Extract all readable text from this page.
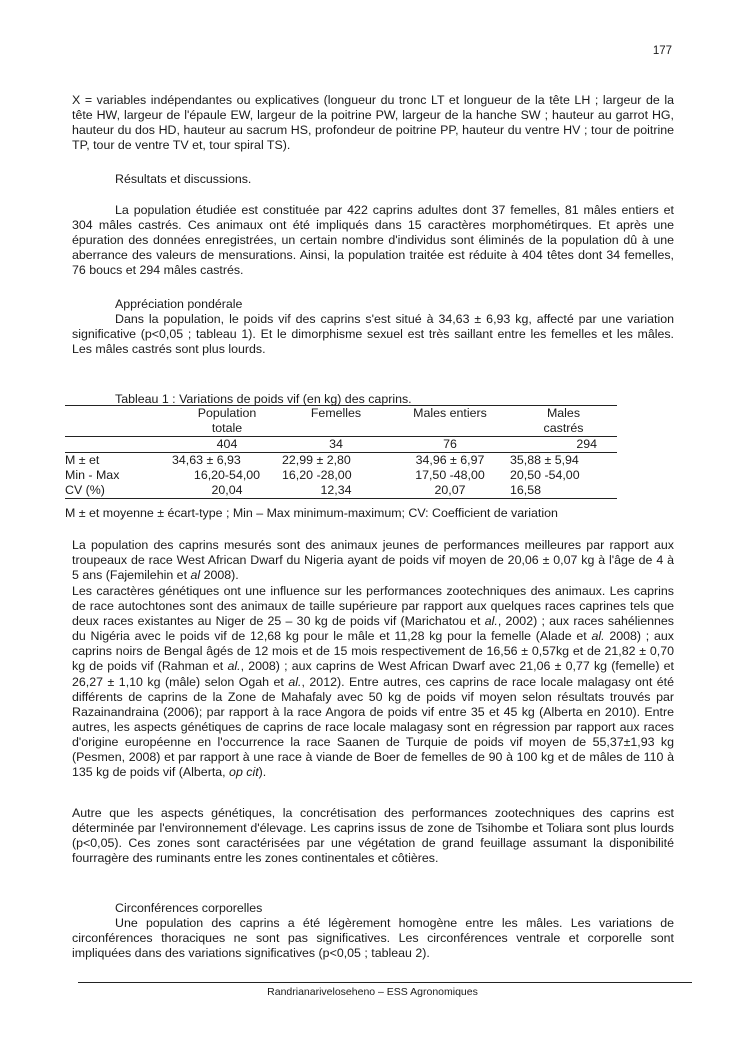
177

X = variables indépendantes ou explicatives (longueur du tronc LT et longueur de la tête LH ; largeur de la tête HW, largeur de l'épaule EW, largeur de la poitrine PW, largeur de la hanche SW ; hauteur au garrot HG, hauteur du dos HD, hauteur au sacrum HS, profondeur de poitrine PP, hauteur du ventre HV ; tour de poitrine TP, tour de ventre TV et, tour spiral TS).

Résultats et discussions.

La population étudiée est constituée par 422 caprins adultes dont 37 femelles, 81 mâles entiers et 304 mâles castrés. Ces animaux ont été impliqués dans 15 caractères morphométirques. Et après une épuration des données enregistrées, un certain nombre d'individus sont éliminés de la population dû à une aberrance des valeurs de mensurations. Ainsi, la population traitée est réduite à 404 têtes dont 34 femelles, 76 boucs et 294 mâles castrés.

Appréciation pondérale

Dans la population, le poids vif des caprins s'est situé à 34,63 ± 6,93 kg, affecté par une variation significative (p<0,05 ; tableau 1). Et le dimorphisme sexuel est très saillant entre les femelles et les mâles. Les mâles castrés sont plus lourds.

Tableau 1 : Variations de poids vif (en kg) des caprins.

	Population	Femelles	Males entiers	Males
	totale			castrés
	404	34	76	294
M ± et	34,63 ± 6,93	22,99 ± 2,80	34,96 ± 6,97	35,88 ± 5,94
Min - Max	16,20-54,00	16,20 -28,00	17,50 -48,00	20,50 -54,00
CV (%)	20,04	12,34	20,07	16,58

M ± et moyenne ± écart-type ; Min – Max minimum-maximum; CV: Coefficient de variation

La population des caprins mesurés sont des animaux jeunes de performances meilleures par rapport aux troupeaux de race West African Dwarf du Nigeria ayant de poids vif moyen de 20,06 ± 0,07 kg à l'âge de 4 à 5 ans (Fajemilehin et al 2008).

Les caractères génétiques ont une influence sur les performances zootechniques des animaux. Les caprins de race autochtones sont des animaux de taille supérieure par rapport aux quelques races caprines tels que deux races existantes au Niger de 25 – 30 kg de poids vif (Marichatou et al., 2002) ; aux races sahéliennes du Nigéria avec le poids vif de 12,68 kg pour le mâle et 11,28 kg pour la femelle (Alade et al. 2008) ; aux caprins noirs de Bengal âgés de 12 mois et de 15 mois respectivement de 16,56 ± 0,57kg et de 21,82 ± 0,70 kg de poids vif (Rahman et al., 2008) ; aux caprins de West African Dwarf avec 21,06 ± 0,77 kg (femelle) et 26,27 ± 1,10 kg (mâle) selon Ogah et al., 2012). Entre autres, ces caprins de race locale malagasy ont été différents de caprins de la Zone de Mahafaly avec 50 kg de poids vif moyen selon résultats trouvés par Razainandraina (2006); par rapport à la race Angora de poids vif entre 35 et 45 kg (Alberta en 2010). Entre autres, les aspects génétiques de caprins de race locale malagasy sont en régression par rapport aux races d'origine européenne en l'occurrence la race Saanen de Turquie de poids vif moyen de 55,37±1,93 kg (Pesmen, 2008) et par rapport à une race à viande de Boer de femelles de 90 à 100 kg et de mâles de 110 à 135 kg de poids vif (Alberta, op cit).

Autre que les aspects génétiques, la concrétisation des performances zootechniques des caprins est déterminée par l'environnement d'élevage. Les caprins issus de zone de Tsihombe et Toliara sont plus lourds (p<0,05). Ces zones sont caractérisées par une végétation de grand feuillage assumant la disponibilité fourragère des ruminants entre les zones continentales et côtières.

Circonférences corporelles

Une population des caprins a été légèrement homogène entre les mâles. Les variations de circonférences thoraciques ne sont pas significatives. Les circonférences ventrale et corporelle sont impliquées dans des variations significatives (p<0,05 ; tableau 2).

Randrianariveloseheno – ESS Agronomiques
